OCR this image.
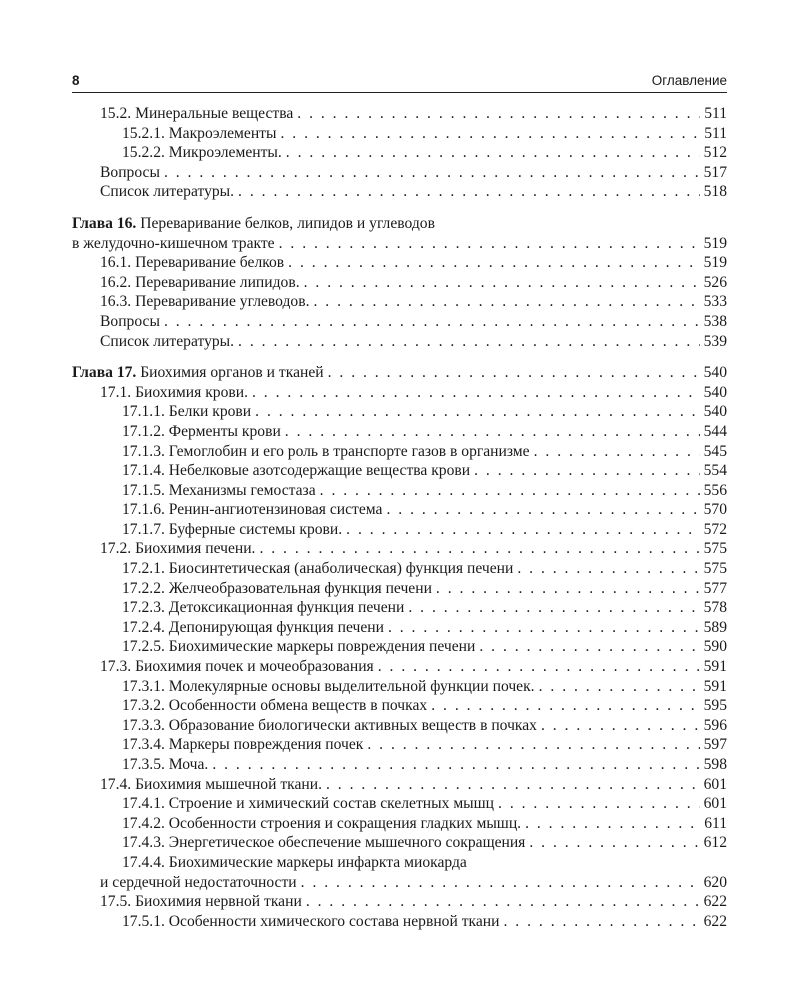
8	Оглавление
15.2. Минеральные вещества . . .	511
15.2.1. Макроэлементы . . .	511
15.2.2. Микроэлементы. . . .	512
Вопросы . . .	517
Список литературы. . . .	518
Глава 16. Переваривание белков, липидов и углеводов
в желудочно-кишечном тракте . . .	519
16.1. Переваривание белков . . .	519
16.2. Переваривание липидов. . . .	526
16.3. Переваривание углеводов. . . .	533
Вопросы . . .	538
Список литературы. . . .	539
Глава 17. Биохимия органов и тканей . . .	540
17.1. Биохимия крови. . . .	540
17.1.1. Белки крови . . .	540
17.1.2. Ферменты крови . . .	544
17.1.3. Гемоглобин и его роль в транспорте газов в организме . . .	545
17.1.4. Небелковые азотсодержащие вещества крови . . .	554
17.1.5. Механизмы гемостаза . . .	556
17.1.6. Ренин-ангиотензиновая система . . .	570
17.1.7. Буферные системы крови. . . .	572
17.2. Биохимия печени. . . .	575
17.2.1. Биосинтетическая (анаболическая) функция печени . . .	575
17.2.2. Желчеобразовательная функция печени . . .	577
17.2.3. Детоксикационная функция печени . . .	578
17.2.4. Депонирующая функция печени . . .	589
17.2.5. Биохимические маркеры повреждения печени . . .	590
17.3. Биохимия почек и мочеобразования . . .	591
17.3.1. Молекулярные основы выделительной функции почек. . . .	591
17.3.2. Особенности обмена веществ в почках . . .	595
17.3.3. Образование биологически активных веществ в почках . . .	596
17.3.4. Маркеры повреждения почек . . .	597
17.3.5. Моча. . . .	598
17.4. Биохимия мышечной ткани. . . .	601
17.4.1. Строение и химический состав скелетных мышц . . .	601
17.4.2. Особенности строения и сокращения гладких мышц. . . .	611
17.4.3. Энергетическое обеспечение мышечного сокращения . . .	612
17.4.4. Биохимические маркеры инфаркта миокарда
и сердечной недостаточности . . .	620
17.5. Биохимия нервной ткани . . .	622
17.5.1. Особенности химического состава нервной ткани . . .	622
